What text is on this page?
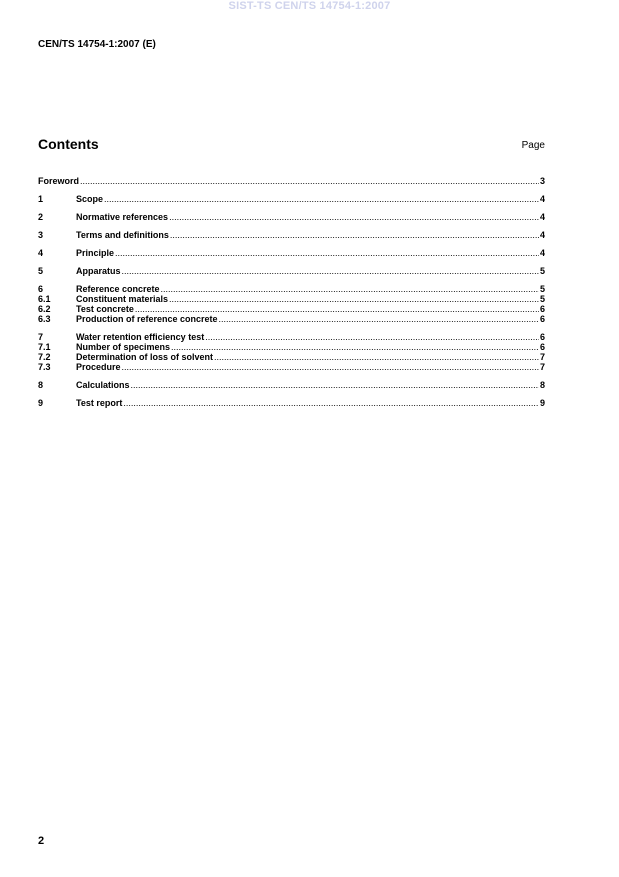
SIST-TS CEN/TS 14754-1:2007
CEN/TS 14754-1:2007 (E)
Contents	Page
Foreword .....	3
1	Scope .....	4
2	Normative references .....	4
3	Terms and definitions .....	4
4	Principle .....	4
5	Apparatus .....	5
6	Reference concrete .....	5
6.1	Constituent materials .....	5
6.2	Test concrete .....	6
6.3	Production of reference concrete .....	6
7	Water retention efficiency test .....	6
7.1	Number of specimens .....	6
7.2	Determination of loss of solvent .....	7
7.3	Procedure .....	7
8	Calculations .....	8
9	Test report .....	9
2
